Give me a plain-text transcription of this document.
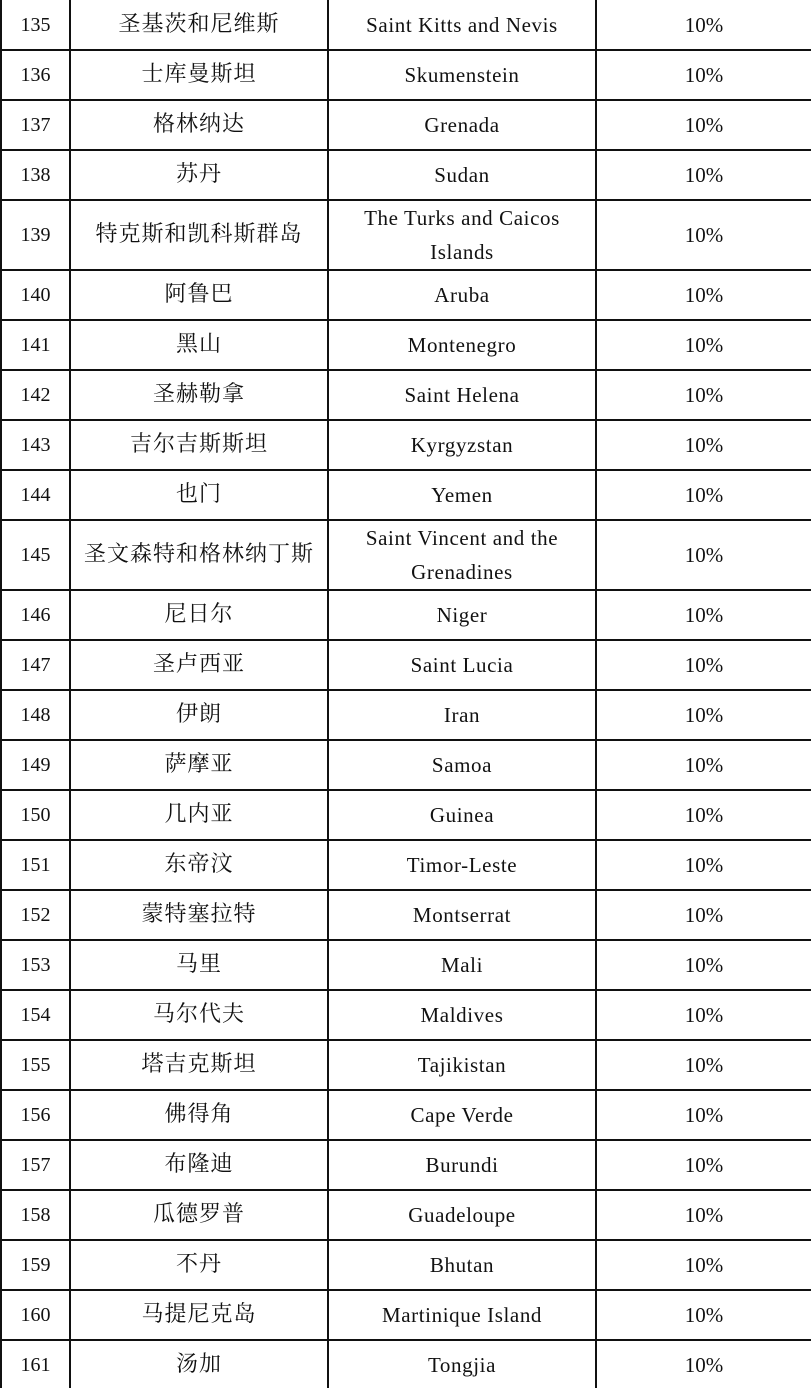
135	圣基茨和尼维斯	Saint Kitts and Nevis	10%
136	士库曼斯坦	Skumenstein	10%
137	格林纳达	Grenada	10%
138	苏丹	Sudan	10%
139	特克斯和凯科斯群岛	The Turks and Caicos Islands	10%
140	阿鲁巴	Aruba	10%
141	黑山	Montenegro	10%
142	圣赫勒拿	Saint Helena	10%
143	吉尔吉斯斯坦	Kyrgyzstan	10%
144	也门	Yemen	10%
145	圣文森特和格林纳丁斯	Saint Vincent and the Grenadines	10%
146	尼日尔	Niger	10%
147	圣卢西亚	Saint Lucia	10%
148	伊朗	Iran	10%
149	萨摩亚	Samoa	10%
150	几内亚	Guinea	10%
151	东帝汶	Timor-Leste	10%
152	蒙特塞拉特	Montserrat	10%
153	马里	Mali	10%
154	马尔代夫	Maldives	10%
155	塔吉克斯坦	Tajikistan	10%
156	佛得角	Cape Verde	10%
157	布隆迪	Burundi	10%
158	瓜德罗普	Guadeloupe	10%
159	不丹	Bhutan	10%
160	马提尼克岛	Martinique Island	10%
161	汤加	Tongjia	10%
